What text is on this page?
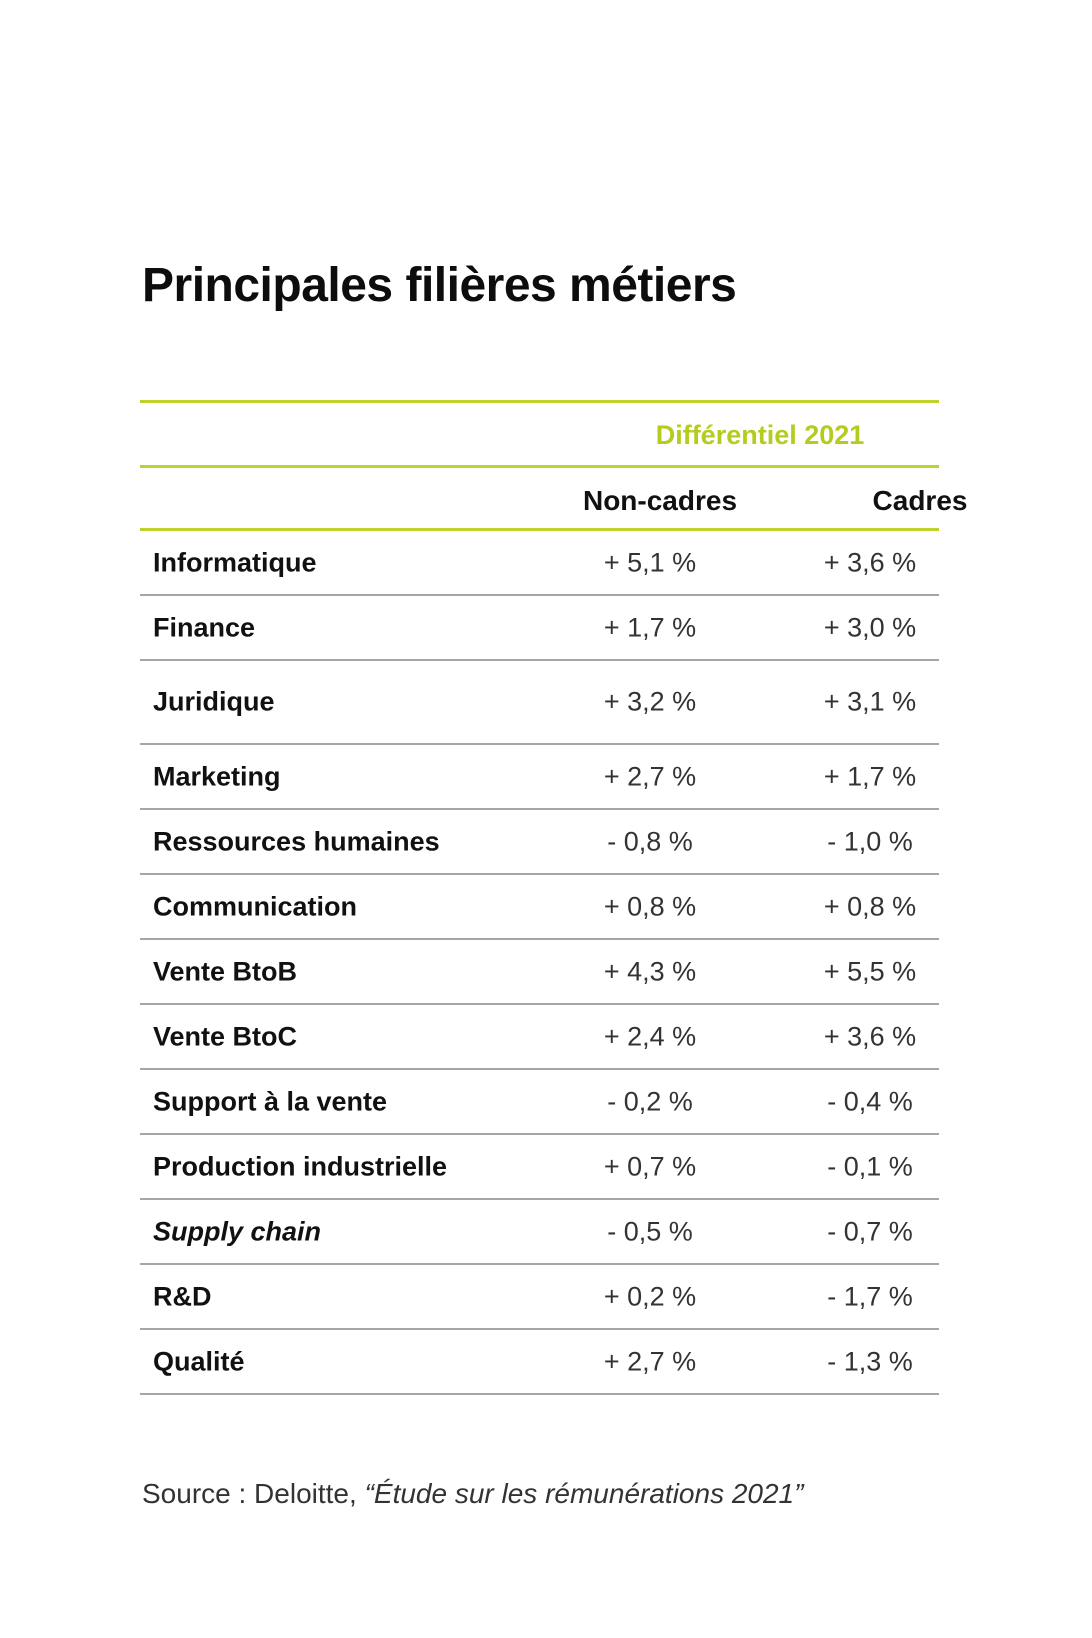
Principales filières métiers
Différentiel 2021
Non-cadres	Cadres
Informatique	+ 5,1 %	+ 3,6 %
Finance	+ 1,7 %	+ 3,0 %
Juridique	+ 3,2 %	+ 3,1 %
Marketing	+ 2,7 %	+ 1,7 %
Ressources humaines	- 0,8 %	- 1,0 %
Communication	+ 0,8 %	+ 0,8 %
Vente BtoB	+ 4,3 %	+ 5,5 %
Vente BtoC	+ 2,4 %	+ 3,6 %
Support à la vente	- 0,2 %	- 0,4 %
Production industrielle	+ 0,7 %	- 0,1 %
Supply chain	- 0,5 %	- 0,7 %
R&D	+ 0,2 %	- 1,7 %
Qualité	+ 2,7 %	- 1,3 %
Source : Deloitte, “Étude sur les rémunérations 2021”
